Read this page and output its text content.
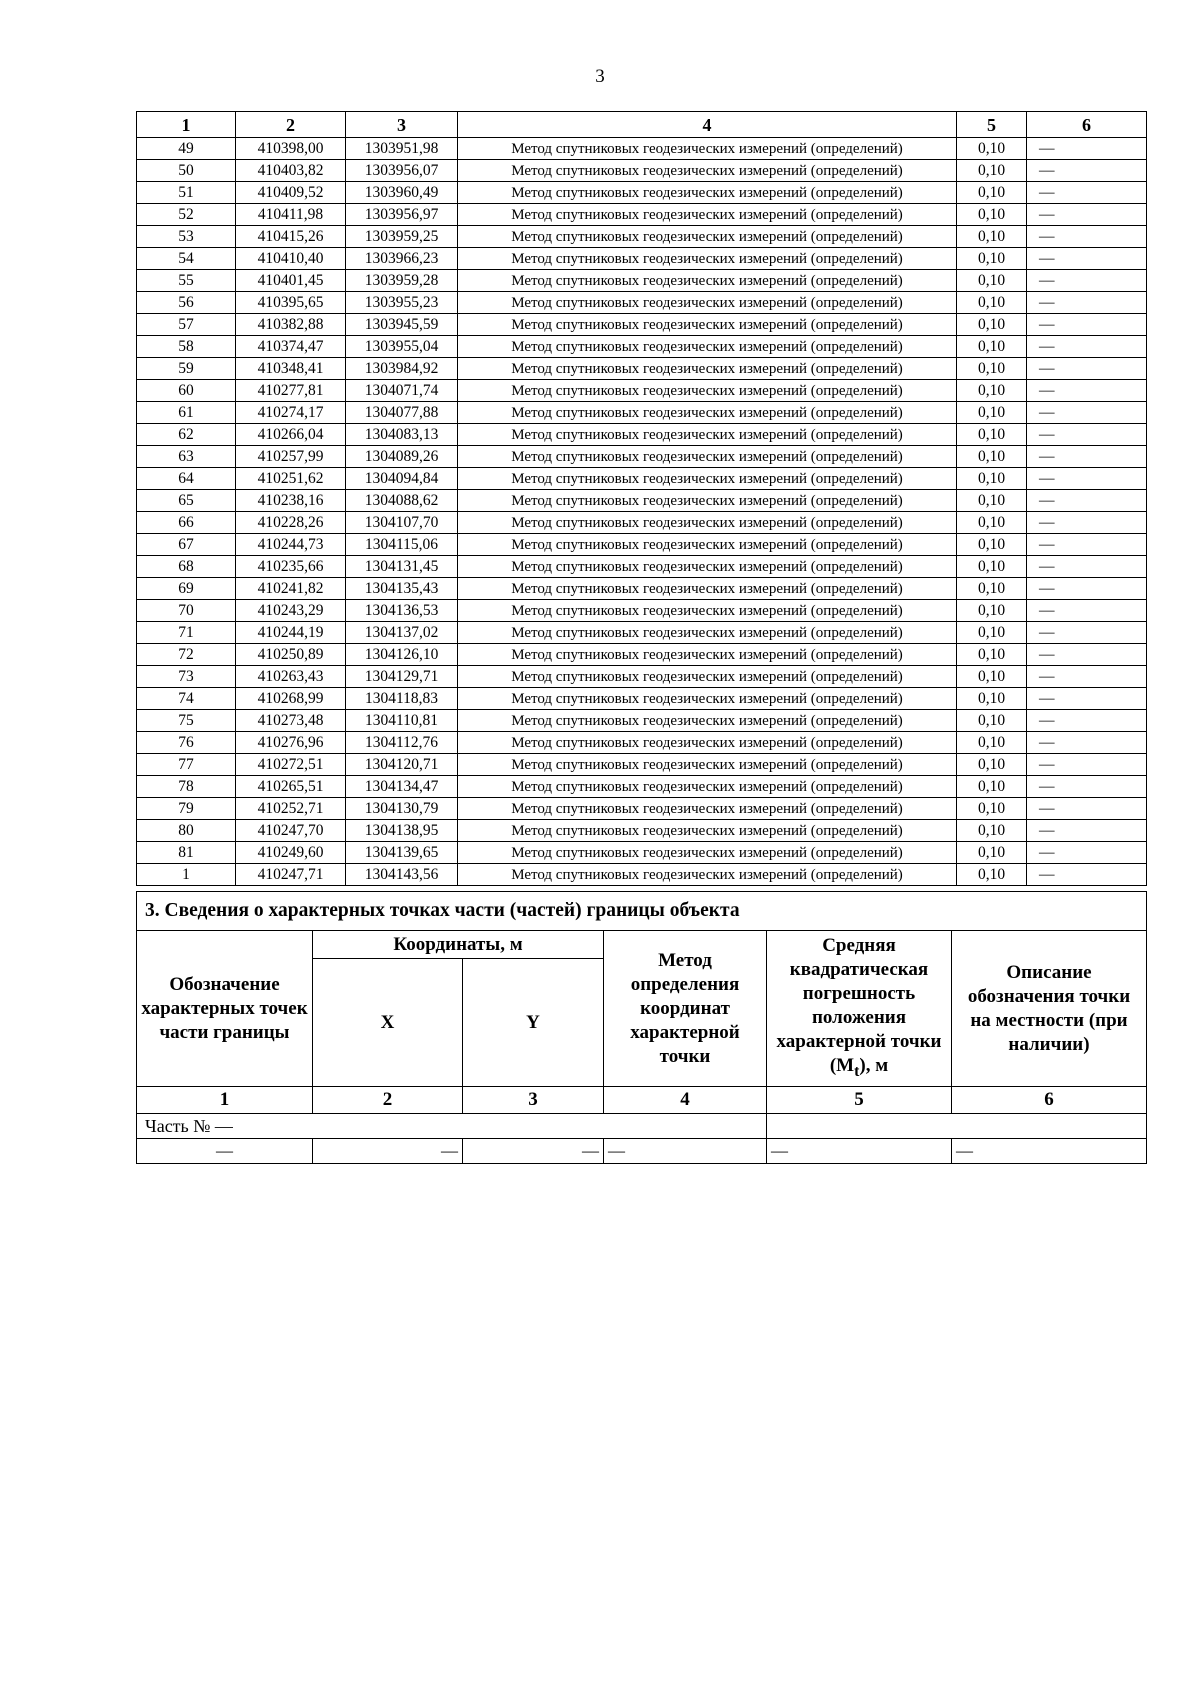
3
1	2	3	4	5	6
49	410398,00	1303951,98	Метод спутниковых геодезических измерений (определений)	0,10	—
50	410403,82	1303956,07	Метод спутниковых геодезических измерений (определений)	0,10	—
51	410409,52	1303960,49	Метод спутниковых геодезических измерений (определений)	0,10	—
52	410411,98	1303956,97	Метод спутниковых геодезических измерений (определений)	0,10	—
53	410415,26	1303959,25	Метод спутниковых геодезических измерений (определений)	0,10	—
54	410410,40	1303966,23	Метод спутниковых геодезических измерений (определений)	0,10	—
55	410401,45	1303959,28	Метод спутниковых геодезических измерений (определений)	0,10	—
56	410395,65	1303955,23	Метод спутниковых геодезических измерений (определений)	0,10	—
57	410382,88	1303945,59	Метод спутниковых геодезических измерений (определений)	0,10	—
58	410374,47	1303955,04	Метод спутниковых геодезических измерений (определений)	0,10	—
59	410348,41	1303984,92	Метод спутниковых геодезических измерений (определений)	0,10	—
60	410277,81	1304071,74	Метод спутниковых геодезических измерений (определений)	0,10	—
61	410274,17	1304077,88	Метод спутниковых геодезических измерений (определений)	0,10	—
62	410266,04	1304083,13	Метод спутниковых геодезических измерений (определений)	0,10	—
63	410257,99	1304089,26	Метод спутниковых геодезических измерений (определений)	0,10	—
64	410251,62	1304094,84	Метод спутниковых геодезических измерений (определений)	0,10	—
65	410238,16	1304088,62	Метод спутниковых геодезических измерений (определений)	0,10	—
66	410228,26	1304107,70	Метод спутниковых геодезических измерений (определений)	0,10	—
67	410244,73	1304115,06	Метод спутниковых геодезических измерений (определений)	0,10	—
68	410235,66	1304131,45	Метод спутниковых геодезических измерений (определений)	0,10	—
69	410241,82	1304135,43	Метод спутниковых геодезических измерений (определений)	0,10	—
70	410243,29	1304136,53	Метод спутниковых геодезических измерений (определений)	0,10	—
71	410244,19	1304137,02	Метод спутниковых геодезических измерений (определений)	0,10	—
72	410250,89	1304126,10	Метод спутниковых геодезических измерений (определений)	0,10	—
73	410263,43	1304129,71	Метод спутниковых геодезических измерений (определений)	0,10	—
74	410268,99	1304118,83	Метод спутниковых геодезических измерений (определений)	0,10	—
75	410273,48	1304110,81	Метод спутниковых геодезических измерений (определений)	0,10	—
76	410276,96	1304112,76	Метод спутниковых геодезических измерений (определений)	0,10	—
77	410272,51	1304120,71	Метод спутниковых геодезических измерений (определений)	0,10	—
78	410265,51	1304134,47	Метод спутниковых геодезических измерений (определений)	0,10	—
79	410252,71	1304130,79	Метод спутниковых геодезических измерений (определений)	0,10	—
80	410247,70	1304138,95	Метод спутниковых геодезических измерений (определений)	0,10	—
81	410249,60	1304139,65	Метод спутниковых геодезических измерений (определений)	0,10	—
1	410247,71	1304143,56	Метод спутниковых геодезических измерений (определений)	0,10	—
3. Сведения о характерных точках части (частей) границы объекта					
Обозначение характерных точек части границы	Координаты, м		Метод определения координат характерной точки	Средняя квадратическая погрешность положения характерной точки $(M_t)$, м	Описание обозначения точки на местности (при наличии)
	X	Y			
1	2	3	4	5	6
Часть № —					
—	—	—	—	—	—
